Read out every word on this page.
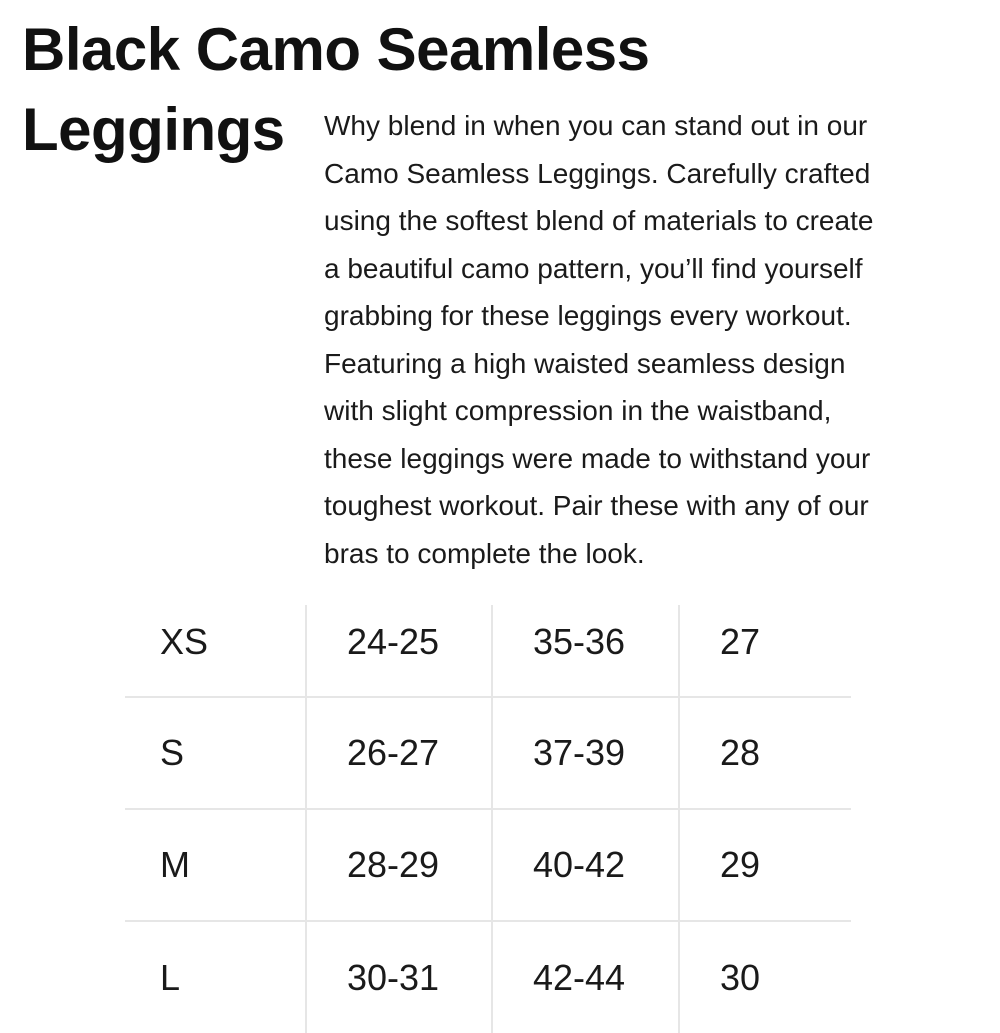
Black Camo Seamless
Leggings	Why blend in when you can stand out in our
Camo Seamless Leggings. Carefully crafted
using the softest blend of materials to create
a beautiful camo pattern, you’ll find yourself
grabbing for these leggings every workout.
Featuring a high waisted seamless design
with slight compression in the waistband,
these leggings were made to withstand your
toughest workout. Pair these with any of our
bras to complete the look.

XS	24-25	35-36	27
S	26-27	37-39	28
M	28-29	40-42	29
L	30-31	42-44	30
